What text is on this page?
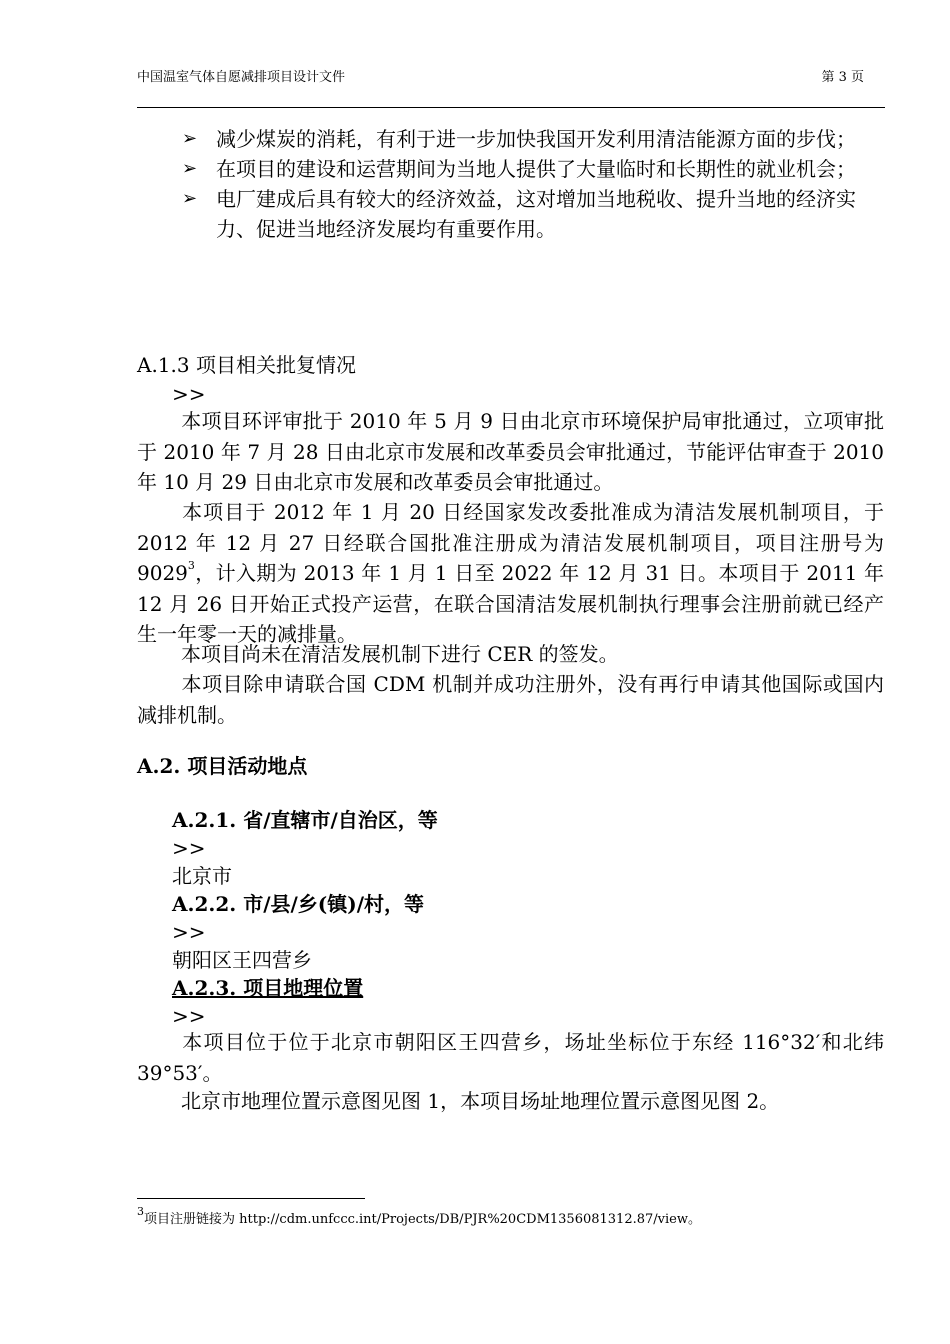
中国温室气体自愿减排项目设计文件	第 3 页

➢ 减少煤炭的消耗，有利于进一步加快我国开发利用清洁能源方面的步伐；

➢ 在项目的建设和运营期间为当地人提供了大量临时和长期性的就业机会；

➢ 电厂建成后具有较大的经济效益，这对增加当地税收、提升当地的经济实力、促进当地经济发展均有重要作用。

A.1.3 项目相关批复情况
>>
本项目环评审批于 2010 年 5 月 9 日由北京市环境保护局审批通过，立项审批于 2010 年 7 月 28 日由北京市发展和改革委员会审批通过，节能评估审查于 2010 年 10 月 29 日由北京市发展和改革委员会审批通过。
本项目于 2012 年 1 月 20 日经国家发改委批准成为清洁发展机制项目，于 2012 年 12 月 27 日经联合国批准注册成为清洁发展机制项目，项目注册号为 9029$^3$，计入期为 2013 年 1 月 1 日至 2022 年 12 月 31 日。本项目于 2011 年 12 月 26 日开始正式投产运营，在联合国清洁发展机制执行理事会注册前就已经产生一年零一天的减排量。
本项目尚未在清洁发展机制下进行 CER 的签发。
本项目除申请联合国 CDM 机制并成功注册外，没有再行申请其他国际或国内减排机制。
A.2. 项目活动地点
A.2.1. 省/直辖市/自治区，等
>>
北京市
A.2.2. 市/县/乡(镇)/村，等
>>
朝阳区王四营乡
A.2.3. 项目地理位置
>>
本项目位于位于北京市朝阳区王四营乡，场址坐标位于东经 116°32′和北纬 39°53′。
北京市地理位置示意图见图 1，本项目场址地理位置示意图见图 2。
$^3$项目注册链接为 http://cdm.unfccc.int/Projects/DB/PJR%20CDM1356081312.87/view。
